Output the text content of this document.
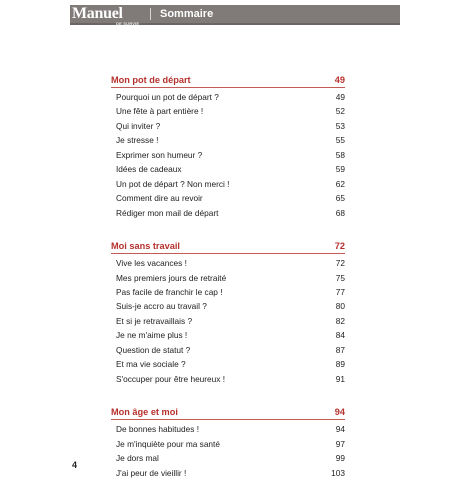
Manuel
DE SURVIE
Sommaire
Mon pot de départ	49
Pourquoi un pot de départ ?	49
Une fête à part entière !	52
Qui inviter ?	53
Je stresse !	55
Exprimer son humeur ?	58
Idées de cadeaux	59
Un pot de départ ? Non merci !	62
Comment dire au revoir	65
Rédiger mon mail de départ	68
Moi sans travail	72
Vive les vacances !	72
Mes premiers jours de retraité	75
Pas facile de franchir le cap !	77
Suis-je accro au travail ?	80
Et si je retravaillais ?	82
Je ne m'aime plus !	84
Question de statut ?	87
Et ma vie sociale ?	89
S'occuper pour être heureux !	91
Mon âge et moi	94
De bonnes habitudes !	94
Je m'inquiète pour ma santé	97
Je dors mal	99
J'ai peur de vieillir !	103
4
